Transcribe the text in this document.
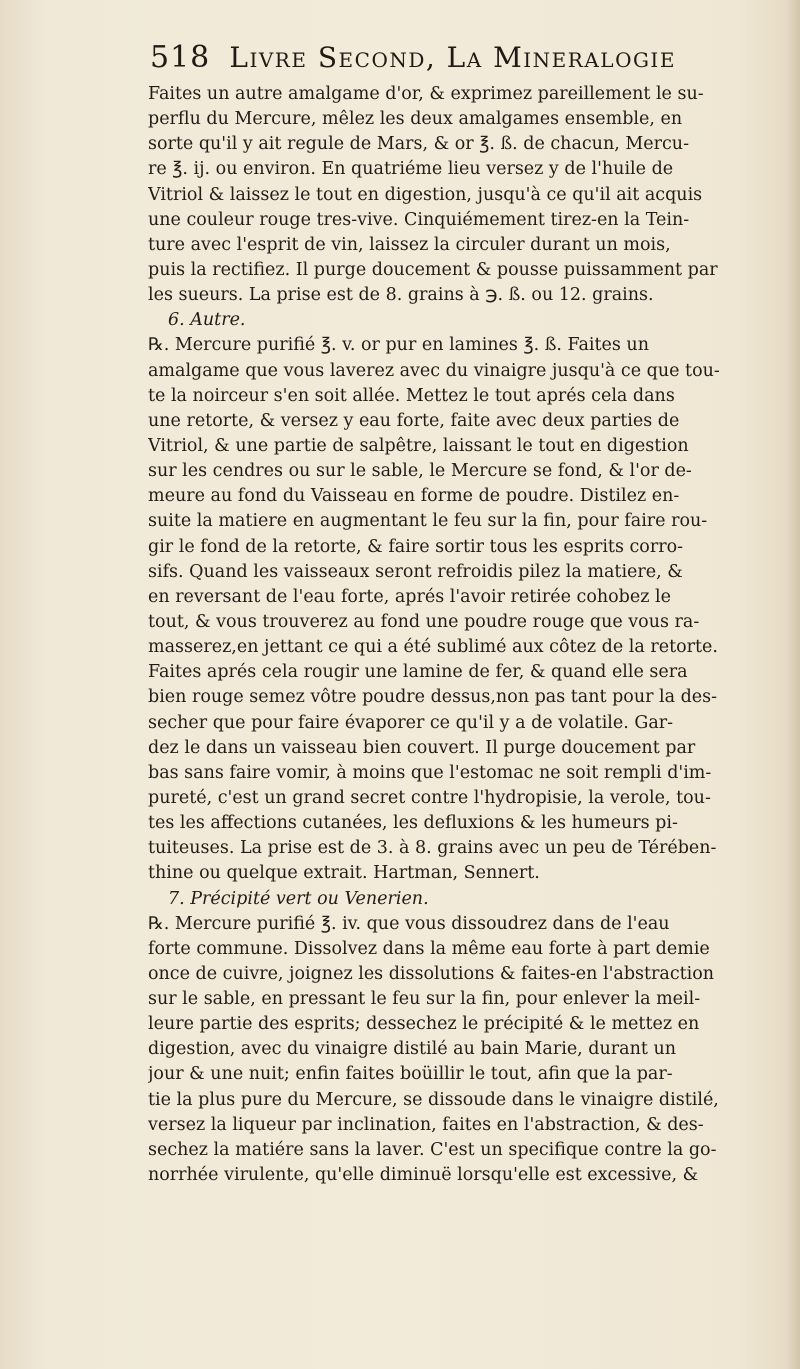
518 Livre Second, La Mineralogie
Faites un autre amalgame d'or, & exprimez pareillement le su-
perflu du Mercure, mêlez les deux amalgames ensemble, en
sorte qu'il y ait regule de Mars, & or ℥. ß. de chacun, Mercu-
re ℥. ij. ou environ. En quatriéme lieu versez y de l'huile de
Vitriol & laissez le tout en digestion, jusqu'à ce qu'il ait acquis
une couleur rouge tres-vive. Cinquiémement tirez-en la Tein-
ture avec l'esprit de vin, laissez la circuler durant un mois,
puis la rectifiez. Il purge doucement & pousse puissamment par
les sueurs. La prise est de 8. grains à ℈. ß. ou 12. grains.
6. Autre.
℞. Mercure purifié ℥. v. or pur en lamines ℥. ß. Faites un
amalgame que vous laverez avec du vinaigre jusqu'à ce que tou-
te la noirceur s'en soit allée. Mettez le tout aprés cela dans
une retorte, & versez y eau forte, faite avec deux parties de
Vitriol, & une partie de salpêtre, laissant le tout en digestion
sur les cendres ou sur le sable, le Mercure se fond, & l'or de-
meure au fond du Vaisseau en forme de poudre. Distilez en-
suite la matiere en augmentant le feu sur la fin, pour faire rou-
gir le fond de la retorte, & faire sortir tous les esprits corro-
sifs. Quand les vaisseaux seront refroidis pilez la matiere, &
en reversant de l'eau forte, aprés l'avoir retirée cohobez le
tout, & vous trouverez au fond une poudre rouge que vous ra-
masserez,en jettant ce qui a été sublimé aux côtez de la retorte.
Faites aprés cela rougir une lamine de fer, & quand elle sera
bien rouge semez vôtre poudre dessus,non pas tant pour la des-
secher que pour faire évaporer ce qu'il y a de volatile. Gar-
dez le dans un vaisseau bien couvert. Il purge doucement par
bas sans faire vomir, à moins que l'estomac ne soit rempli d'im-
pureté, c'est un grand secret contre l'hydropisie, la verole, tou-
tes les affections cutanées, les defluxions & les humeurs pi-
tuiteuses. La prise est de 3. à 8. grains avec un peu de Térében-
thine ou quelque extrait. Hartman, Sennert.
7. Précipité vert ou Venerien.
℞. Mercure purifié ℥. iv. que vous dissoudrez dans de l'eau
forte commune. Dissolvez dans la même eau forte à part demie
once de cuivre, joignez les dissolutions & faites-en l'abstraction
sur le sable, en pressant le feu sur la fin, pour enlever la meil-
leure partie des esprits; dessechez le précipité & le mettez en
digestion, avec du vinaigre distilé au bain Marie, durant un
jour & une nuit; enfin faites boüillir le tout, afin que la par-
tie la plus pure du Mercure, se dissoude dans le vinaigre distilé,
versez la liqueur par inclination, faites en l'abstraction, & des-
sechez la matiére sans la laver. C'est un specifique contre la go-
norrhée virulente, qu'elle diminuë lorsqu'elle est excessive, &
